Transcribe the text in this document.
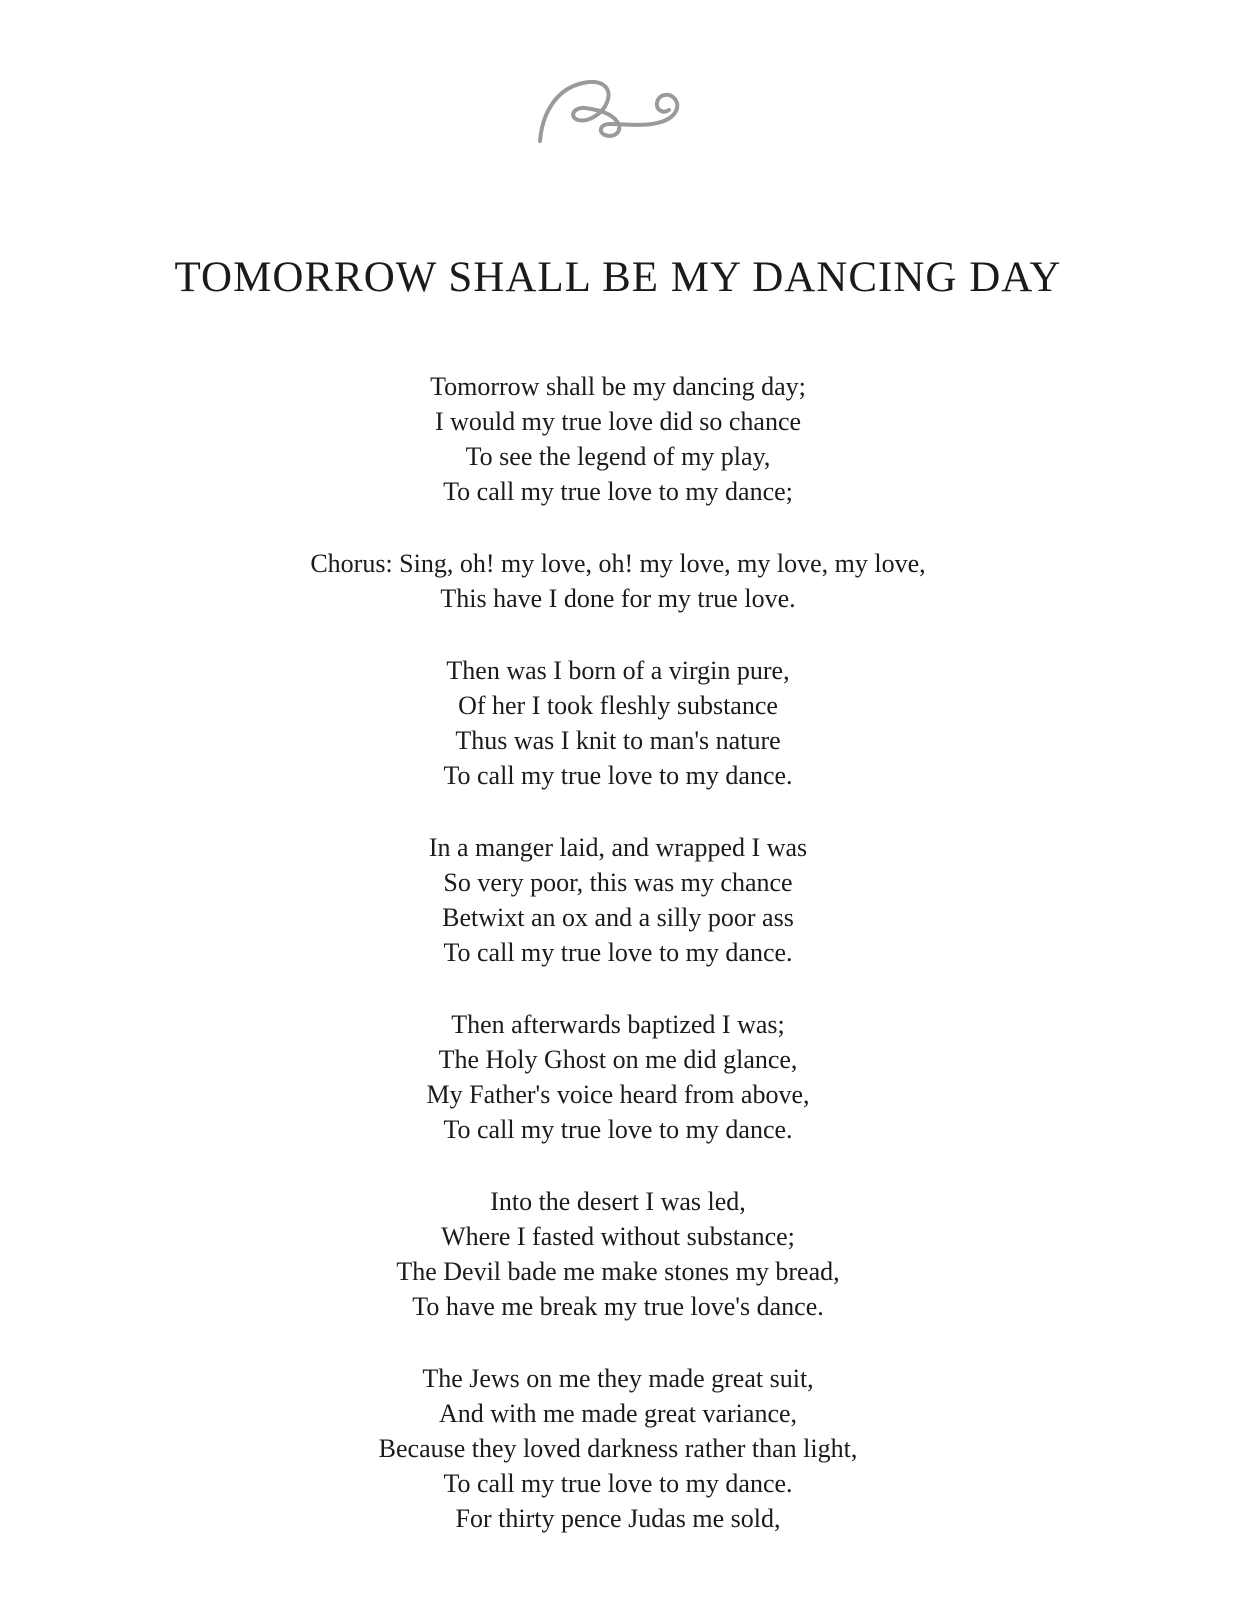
TOMORROW SHALL BE MY DANCING DAY
Tomorrow shall be my dancing day;
I would my true love did so chance
To see the legend of my play,
To call my true love to my dance;
Chorus: Sing, oh! my love, oh! my love, my love, my love,
This have I done for my true love.
Then was I born of a virgin pure,
Of her I took fleshly substance
Thus was I knit to man's nature
To call my true love to my dance.
In a manger laid, and wrapped I was
So very poor, this was my chance
Betwixt an ox and a silly poor ass
To call my true love to my dance.
Then afterwards baptized I was;
The Holy Ghost on me did glance,
My Father's voice heard from above,
To call my true love to my dance.
Into the desert I was led,
Where I fasted without substance;
The Devil bade me make stones my bread,
To have me break my true love's dance.
The Jews on me they made great suit,
And with me made great variance,
Because they loved darkness rather than light,
To call my true love to my dance.
For thirty pence Judas me sold,
